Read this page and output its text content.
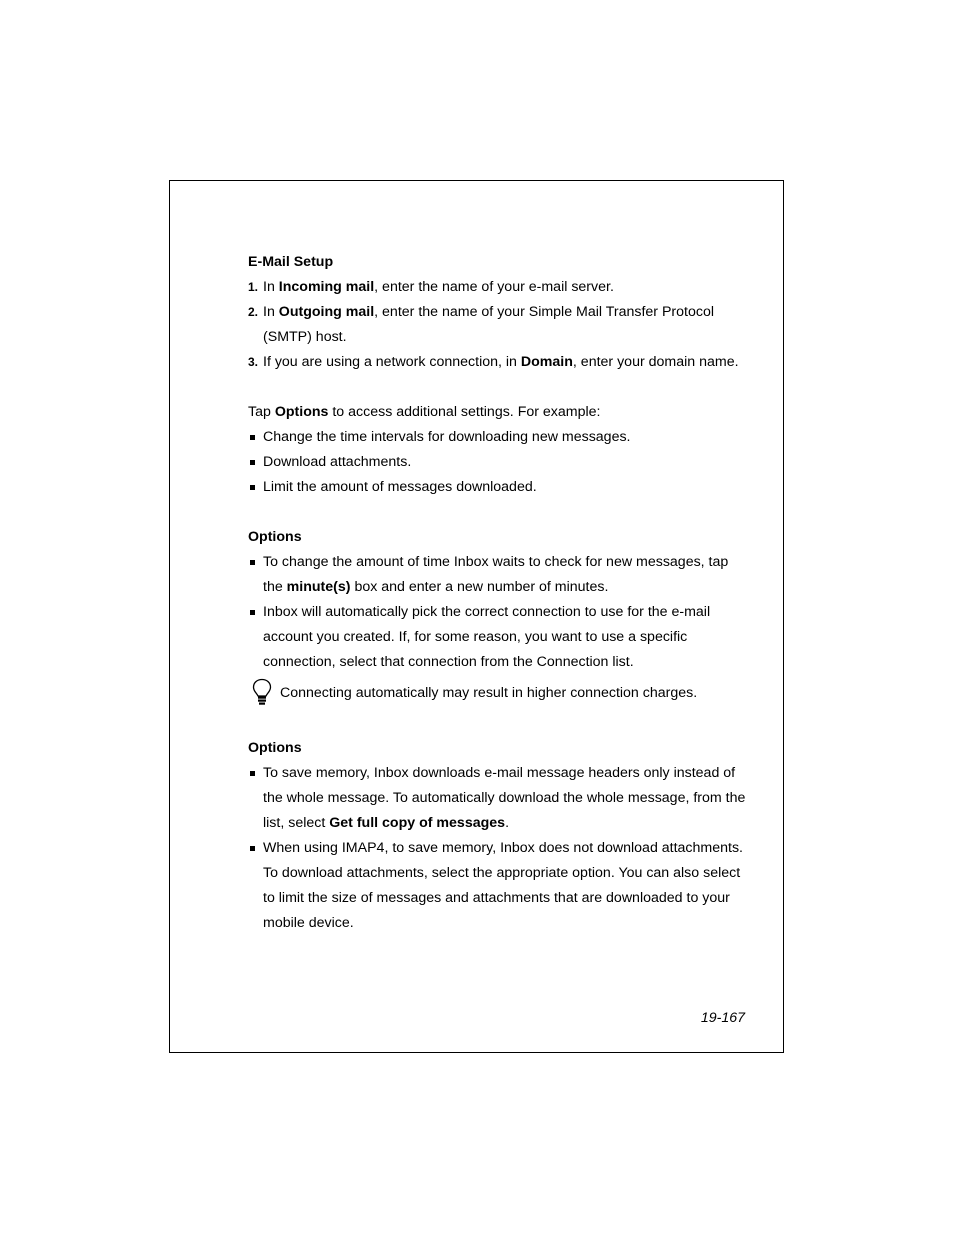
E-Mail Setup

1. In Incoming mail, enter the name of your e-mail server.
2. In Outgoing mail, enter the name of your Simple Mail Transfer Protocol (SMTP) host.
3. If you are using a network connection, in Domain, enter your domain name.

Tap Options to access additional settings. For example:

Change the time intervals for downloading new messages.
Download attachments.
Limit the amount of messages downloaded.

Options

To change the amount of time Inbox waits to check for new messages, tap the minute(s) box and enter a new number of minutes.
Inbox will automatically pick the correct connection to use for the e-mail account you created. If, for some reason, you want to use a specific connection, select that connection from the Connection list.
Connecting automatically may result in higher connection charges.

Options

To save memory, Inbox downloads e-mail message headers only instead of the whole message. To automatically download the whole message, from the list, select Get full copy of messages.
When using IMAP4, to save memory, Inbox does not download attachments. To download attachments, select the appropriate option. You can also select to limit the size of messages and attachments that are downloaded to your mobile device.
19-167
